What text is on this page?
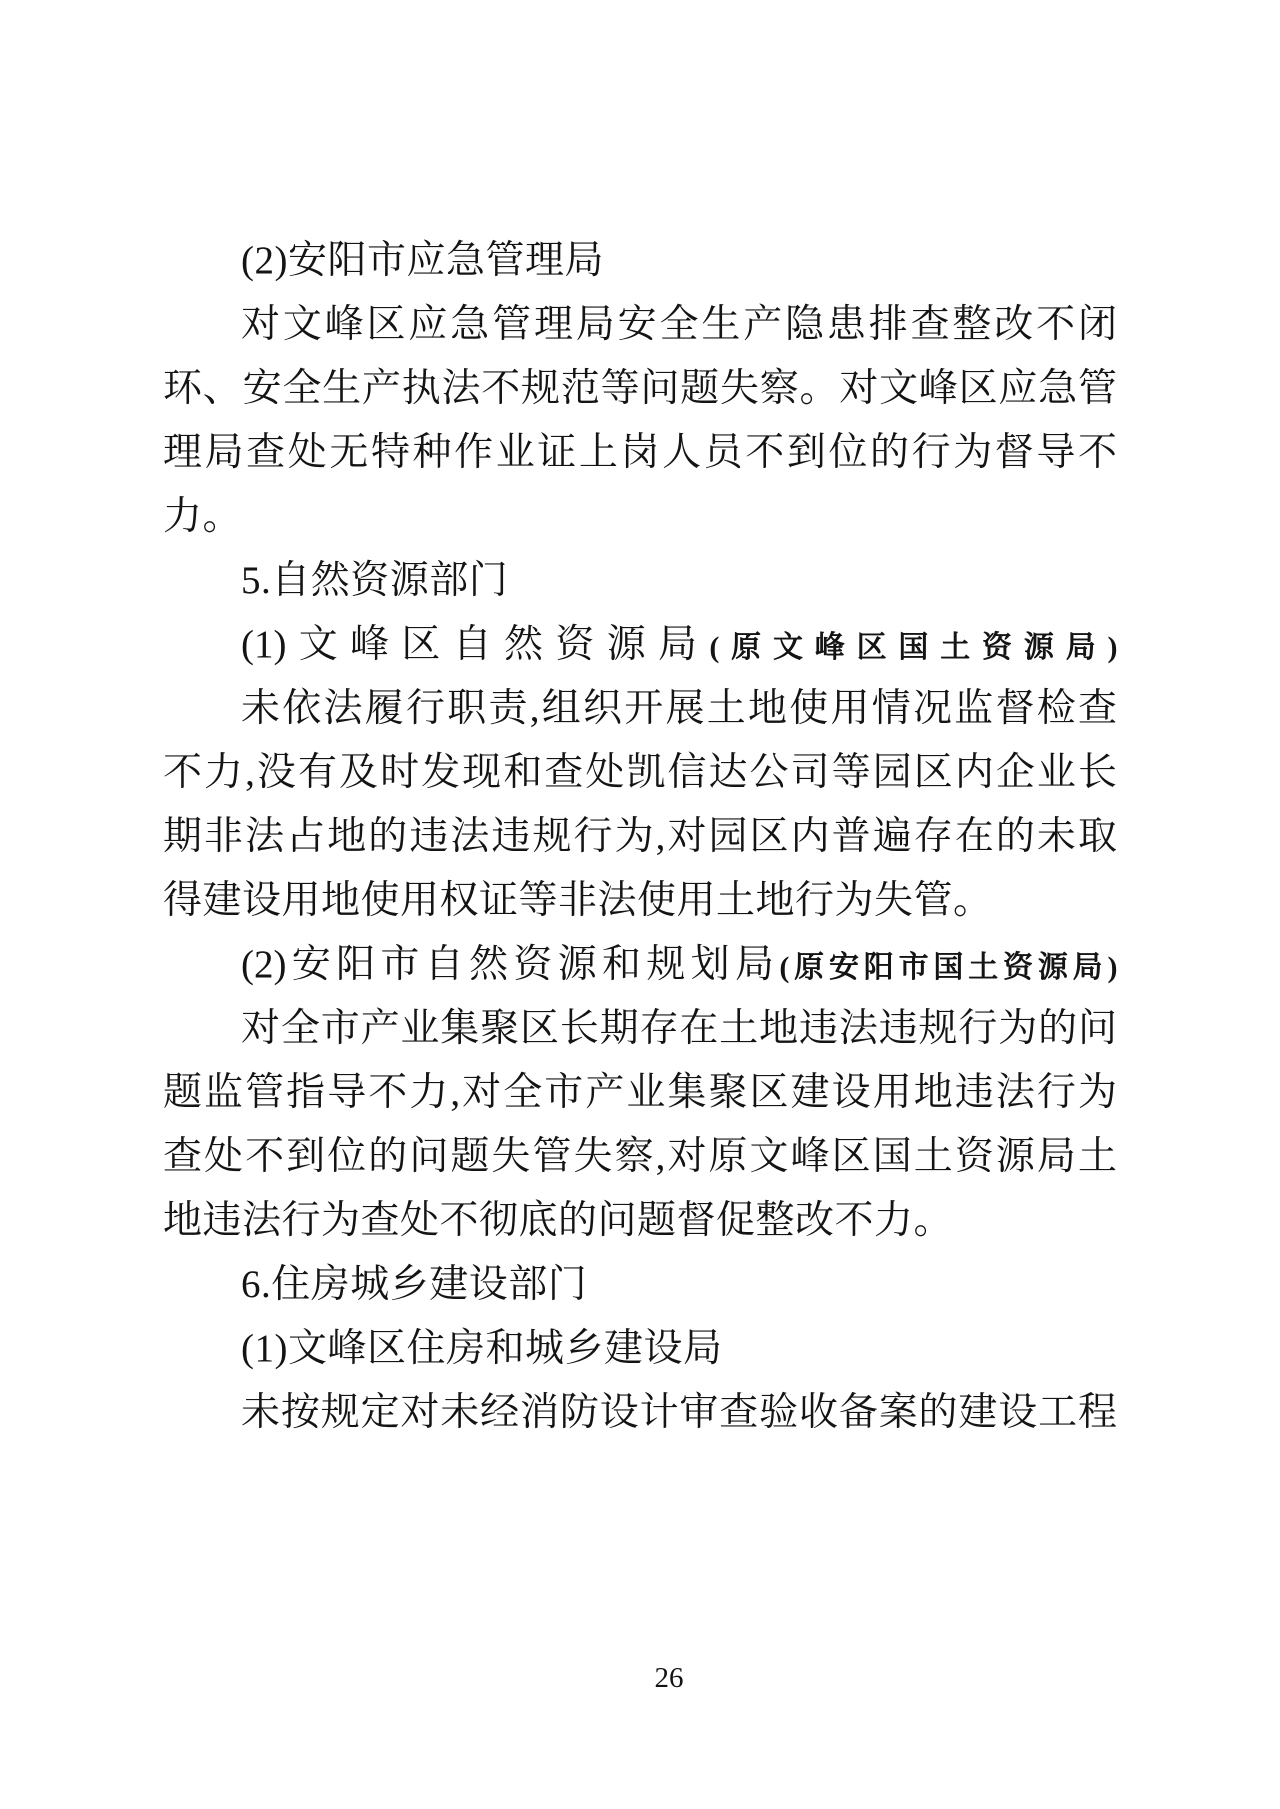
(2)安阳市应急管理局
对文峰区应急管理局安全生产隐患排查整改不闭
环、安全生产执法不规范等问题失察。对文峰区应急管
理局查处无特种作业证上岗人员不到位的行为督导不
力。
5.自然资源部门
(1)文峰区自然资源局(原文峰区国土资源局)
未依法履行职责,组织开展土地使用情况监督检查
不力,没有及时发现和查处凯信达公司等园区内企业长
期非法占地的违法违规行为,对园区内普遍存在的未取
得建设用地使用权证等非法使用土地行为失管。
(2)安阳市自然资源和规划局(原安阳市国土资源局)
对全市产业集聚区长期存在土地违法违规行为的问
题监管指导不力,对全市产业集聚区建设用地违法行为
查处不到位的问题失管失察,对原文峰区国土资源局土
地违法行为查处不彻底的问题督促整改不力。
6.住房城乡建设部门
(1)文峰区住房和城乡建设局
未按规定对未经消防设计审查验收备案的建设工程
26
